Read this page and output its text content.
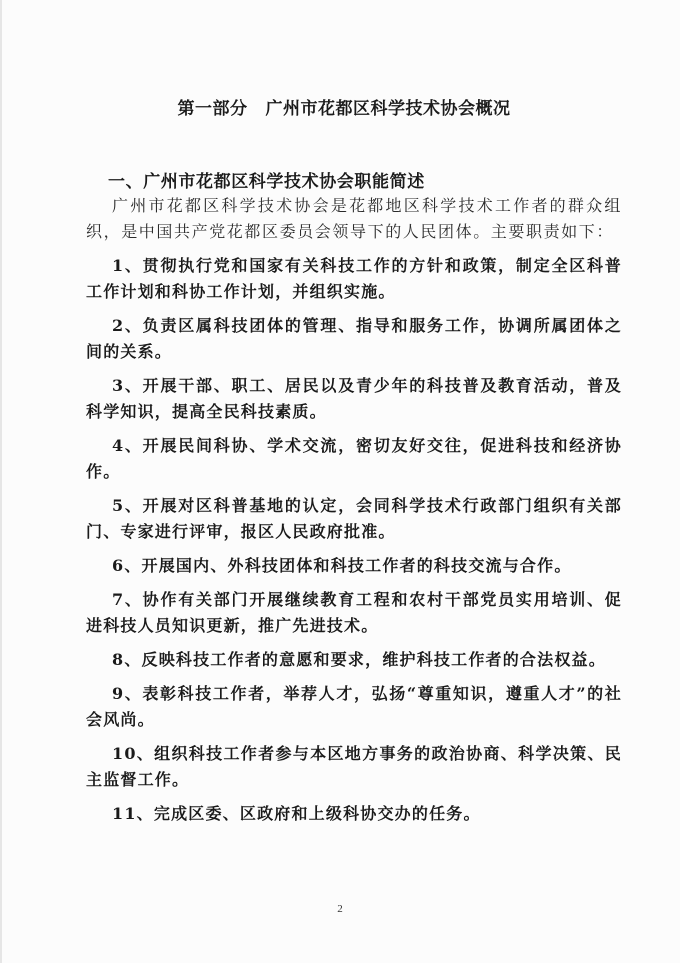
第一部分 广州市花都区科学技术协会概况
一、广州市花都区科学技术协会职能简述

广州市花都区科学技术协会是花都地区科学技术工作者的群众组织，是中国共产党花都区委员会领导下的人民团体。主要职责如下：

1、贯彻执行党和国家有关科技工作的方针和政策，制定全区科普工作计划和科协工作计划，并组织实施。

2、负责区属科技团体的管理、指导和服务工作，协调所属团体之间的关系。

3、开展干部、职工、居民以及青少年的科技普及教育活动，普及科学知识，提高全民科技素质。

4、开展民间科协、学术交流，密切友好交往，促进科技和经济协作。

5、开展对区科普基地的认定，会同科学技术行政部门组织有关部门、专家进行评审，报区人民政府批准。

6、开展国内、外科技团体和科技工作者的科技交流与合作。

7、协作有关部门开展继续教育工程和农村干部党员实用培训、促进科技人员知识更新，推广先进技术。

8、反映科技工作者的意愿和要求，维护科技工作者的合法权益。

9、表彰科技工作者，举荐人才，弘扬“尊重知识，遵重人才”的社会风尚。

10、组织科技工作者参与本区地方事务的政治协商、科学决策、民主监督工作。

11、完成区委、区政府和上级科协交办的任务。

2
